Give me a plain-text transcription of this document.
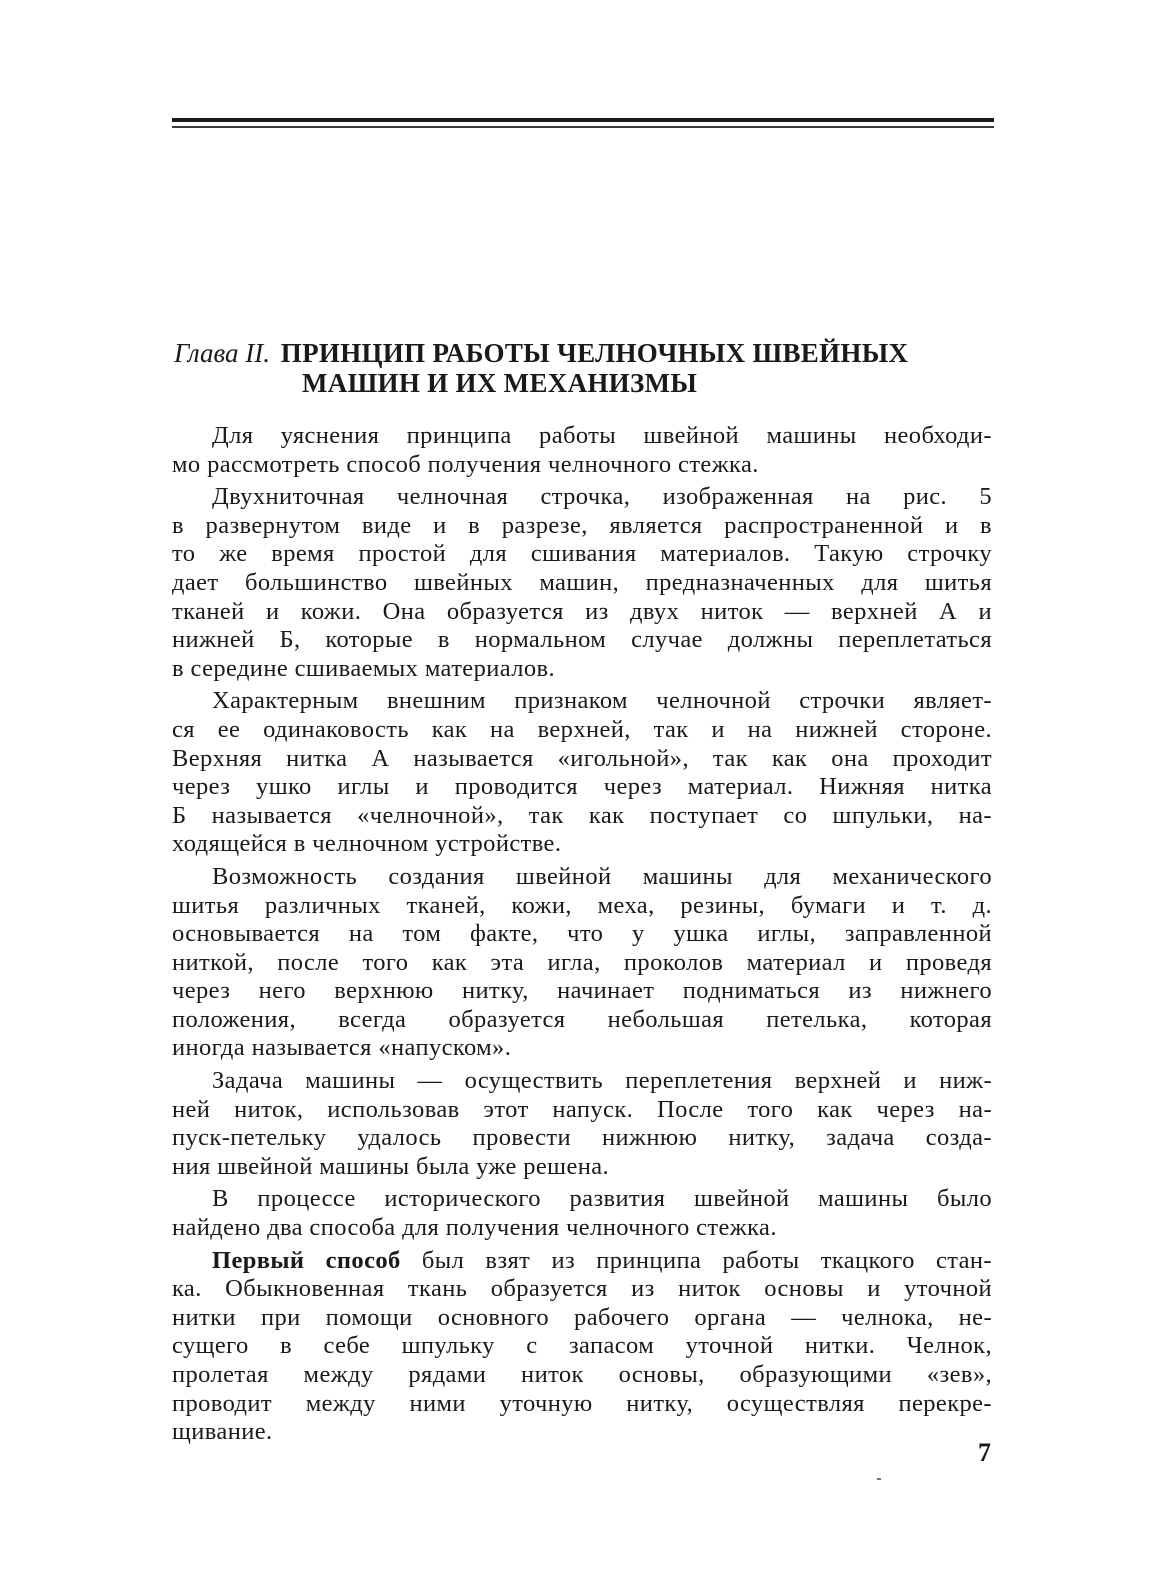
Глава II. ПРИНЦИП РАБОТЫ ЧЕЛНОЧНЫХ ШВЕЙНЫХ
МАШИН И ИХ МЕХАНИЗМЫ

Для уяснения принципа работы швейной машины необходи-
мо рассмотреть способ получения челночного стежка.

Двухниточная челночная строчка, изображенная на рис. 5
в развернутом виде и в разрезе, является распространенной и в
то же время простой для сшивания материалов. Такую строчку
дает большинство швейных машин, предназначенных для шитья
тканей и кожи. Она образуется из двух ниток — верхней А и
нижней Б, которые в нормальном случае должны переплетаться
в середине сшиваемых материалов.

Характерным внешним признаком челночной строчки являет-
ся ее одинаковость как на верхней, так и на нижней стороне.
Верхняя нитка А называется «игольной», так как она проходит
через ушко иглы и проводится через материал. Нижняя нитка
Б называется «челночной», так как поступает со шпульки, на-
ходящейся в челночном устройстве.

Возможность создания швейной машины для механического
шитья различных тканей, кожи, меха, резины, бумаги и т. д.
основывается на том факте, что у ушка иглы, заправленной
ниткой, после того как эта игла, проколов материал и проведя
через него верхнюю нитку, начинает подниматься из нижнего
положения, всегда образуется небольшая петелька, которая
иногда называется «напуском».

Задача машины — осуществить переплетения верхней и ниж-
ней ниток, использовав этот напуск. После того как через на-
пуск-петельку удалось провести нижнюю нитку, задача созда-
ния швейной машины была уже решена.

В процессе исторического развития швейной машины было
найдено два способа для получения челночного стежка.

Первый способ был взят из принципа работы ткацкого стан-
ка. Обыкновенная ткань образуется из ниток основы и уточной
нитки при помощи основного рабочего органа — челнока, не-
сущего в себе шпульку с запасом уточной нитки. Челнок,
пролетая между рядами ниток основы, образующими «зев»,
проводит между ними уточную нитку, осуществляя перекре-
щивание.

7
